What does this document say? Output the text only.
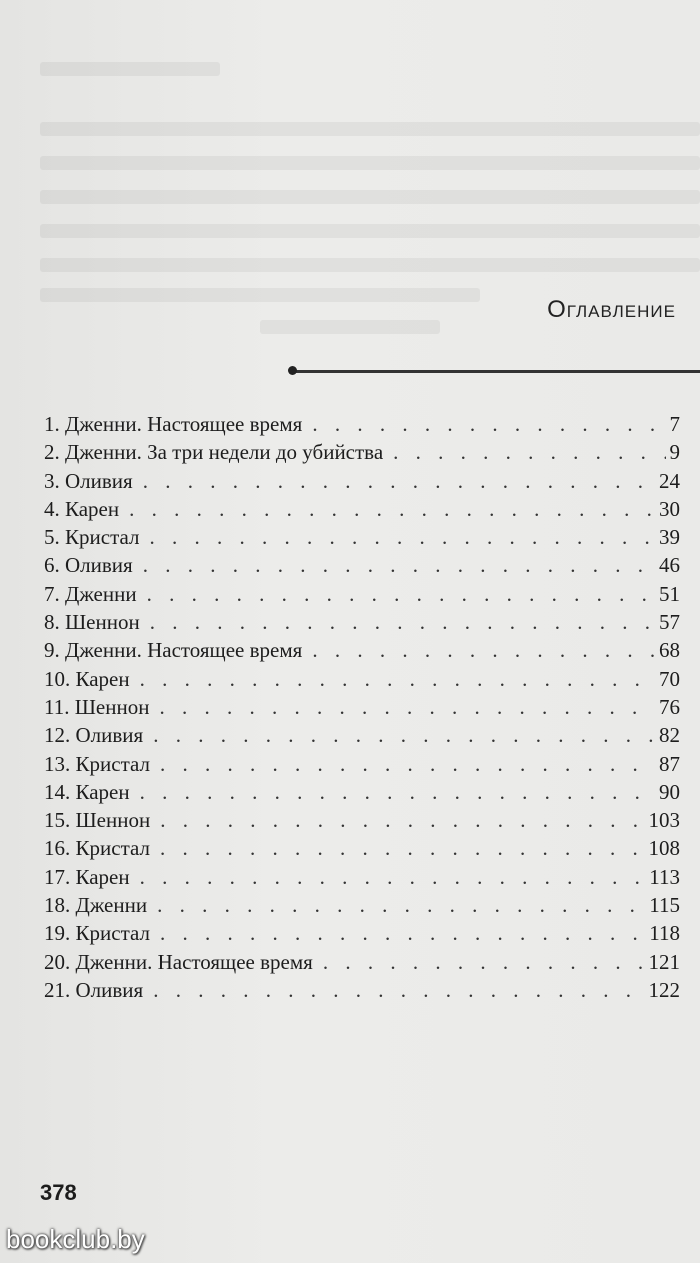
Оглавление
1. Дженни. Настоящее время . . .	7
2. Дженни. За три недели до убийства . . .	9
3. Оливия . . .	24
4. Карен . . .	30
5. Кристал . . .	39
6. Оливия . . .	46
7. Дженни . . .	51
8. Шеннон . . .	57
9. Дженни. Настоящее время . . .	68
10. Карен . . .	70
11. Шеннон . . .	76
12. Оливия . . .	82
13. Кристал . . .	87
14. Карен . . .	90
15. Шеннон . . .	103
16. Кристал . . .	108
17. Карен . . .	113
18. Дженни . . .	115
19. Кристал . . .	118
20. Дженни. Настоящее время . . .	121
21. Оливия . . .	122
378
bookclub.by
